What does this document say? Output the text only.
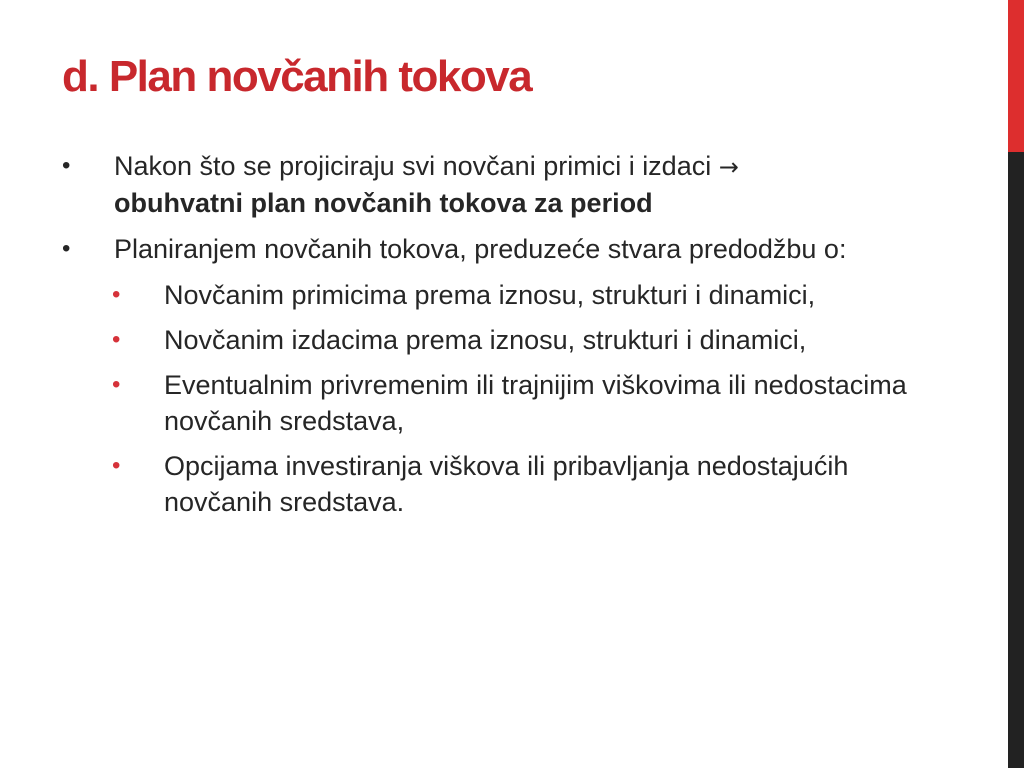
d. Plan novčanih tokova
•	Nakon što se projiciraju svi novčani primici i izdaci →
obuhvatni plan novčanih tokova za period
•	Planiranjem novčanih tokova, preduzeće stvara predodžbu o:
• Novčanim primicima prema iznosu, strukturi i dinamici,
• Novčanim izdacima prema iznosu, strukturi i dinamici,
• Eventualnim privremenim ili trajnijim viškovima ili nedostacima novčanih sredstava,
• Opcijama investiranja viškova ili pribavljanja nedostajućih novčanih sredstava.
